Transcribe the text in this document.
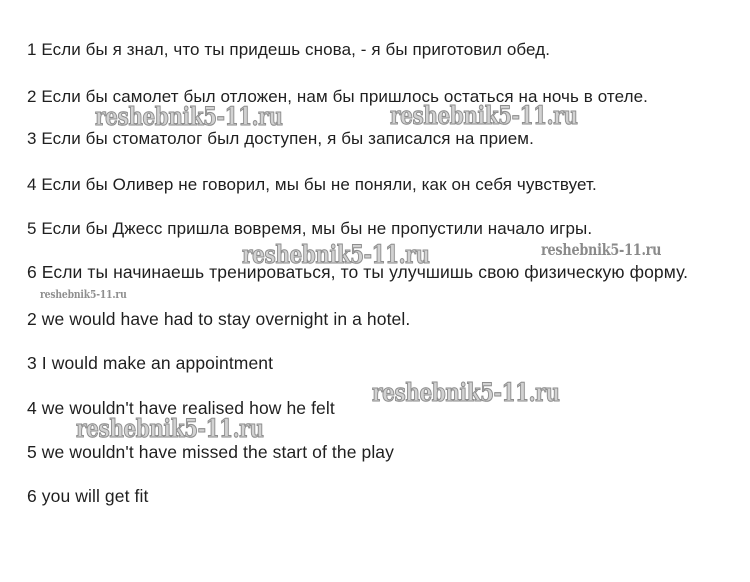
1 Если бы я знал, что ты придешь снова, - я бы приготовил обед.
2 Если бы самолет был отложен, нам бы пришлось остаться на ночь в отеле.
3 Если бы стоматолог был доступен, я бы записался на прием.
4 Если бы Оливер не говорил, мы бы не поняли, как он себя чувствует.
5 Если бы Джесс пришла вовремя, мы бы не пропустили начало игры.
6 Если ты начинаешь тренироваться, то ты улучшишь свою физическую форму.
2 we would have had to stay overnight in a hotel.
3 I would make an appointment
4 we wouldn't have realised how he felt
5 we wouldn't have missed the start of the play
6 you will get fit
reshebnik5-11.ru	reshebnik5-11.ru
reshebnik5-11.ru
reshebnik5-11.ru
reshebnik5-11.ru
reshebnik5-11.ru
reshebnik5-11.ru
